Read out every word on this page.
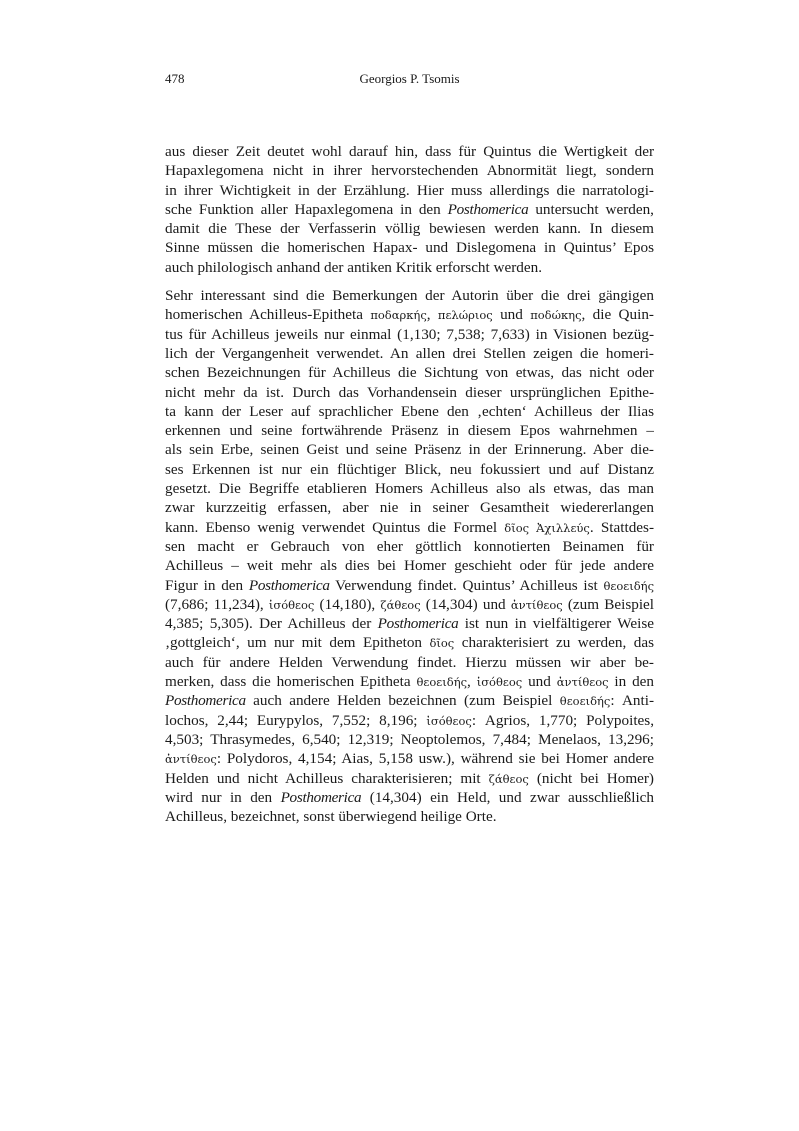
478	Georgios P. Tsomis
aus dieser Zeit deutet wohl darauf hin, dass für Quintus die Wertigkeit der
Hapaxlegomena nicht in ihrer hervorstechenden Abnormität liegt, sondern
in ihrer Wichtigkeit in der Erzählung. Hier muss allerdings die narratologi-
sche Funktion aller Hapaxlegomena in den Posthomerica untersucht werden,
damit die These der Verfasserin völlig bewiesen werden kann. In diesem
Sinne müssen die homerischen Hapax- und Dislegomena in Quintus’ Epos
auch philologisch anhand der antiken Kritik erforscht werden.
Sehr interessant sind die Bemerkungen der Autorin über die drei gängigen
homerischen Achilleus-Epitheta ποδαρκής, πελώριος und ποδώκης, die Quin-
tus für Achilleus jeweils nur einmal (1,130; 7,538; 7,633) in Visionen bezüg-
lich der Vergangenheit verwendet. An allen drei Stellen zeigen die homeri-
schen Bezeichnungen für Achilleus die Sichtung von etwas, das nicht oder
nicht mehr da ist. Durch das Vorhandensein dieser ursprünglichen Epithe-
ta kann der Leser auf sprachlicher Ebene den ‚echten‘ Achilleus der Ilias
erkennen und seine fortwährende Präsenz in diesem Epos wahrnehmen –
als sein Erbe, seinen Geist und seine Präsenz in der Erinnerung. Aber die-
ses Erkennen ist nur ein flüchtiger Blick, neu fokussiert und auf Distanz
gesetzt. Die Begriffe etablieren Homers Achilleus also als etwas, das man
zwar kurzzeitig erfassen, aber nie in seiner Gesamtheit wiedererlangen
kann. Ebenso wenig verwendet Quintus die Formel δῖος Ἀχιλλεύς. Stattdes-
sen macht er Gebrauch von eher göttlich konnotierten Beinamen für
Achilleus – weit mehr als dies bei Homer geschieht oder für jede andere
Figur in den Posthomerica Verwendung findet. Quintus’ Achilleus ist θεοειδής
(7,686; 11,234), ἰσόθεος (14,180), ζάθεος (14,304) und ἀντίθεος (zum Beispiel
4,385; 5,305). Der Achilleus der Posthomerica ist nun in vielfältigerer Weise
‚gottgleich‘, um nur mit dem Epitheton δῖος charakterisiert zu werden, das
auch für andere Helden Verwendung findet. Hierzu müssen wir aber be-
merken, dass die homerischen Epitheta θεοειδής, ἰσόθεος und ἀντίθεος in den
Posthomerica auch andere Helden bezeichnen (zum Beispiel θεοειδής: Anti-
lochos, 2,44; Eurypylos, 7,552; 8,196; ἰσόθεος: Agrios, 1,770; Polypoites,
4,503; Thrasymedes, 6,540; 12,319; Neoptolemos, 7,484; Menelaos, 13,296;
ἀντίθεος: Polydoros, 4,154; Aias, 5,158 usw.), während sie bei Homer andere
Helden und nicht Achilleus charakterisieren; mit ζάθεος (nicht bei Homer)
wird nur in den Posthomerica (14,304) ein Held, und zwar ausschließlich
Achilleus, bezeichnet, sonst überwiegend heilige Orte.
